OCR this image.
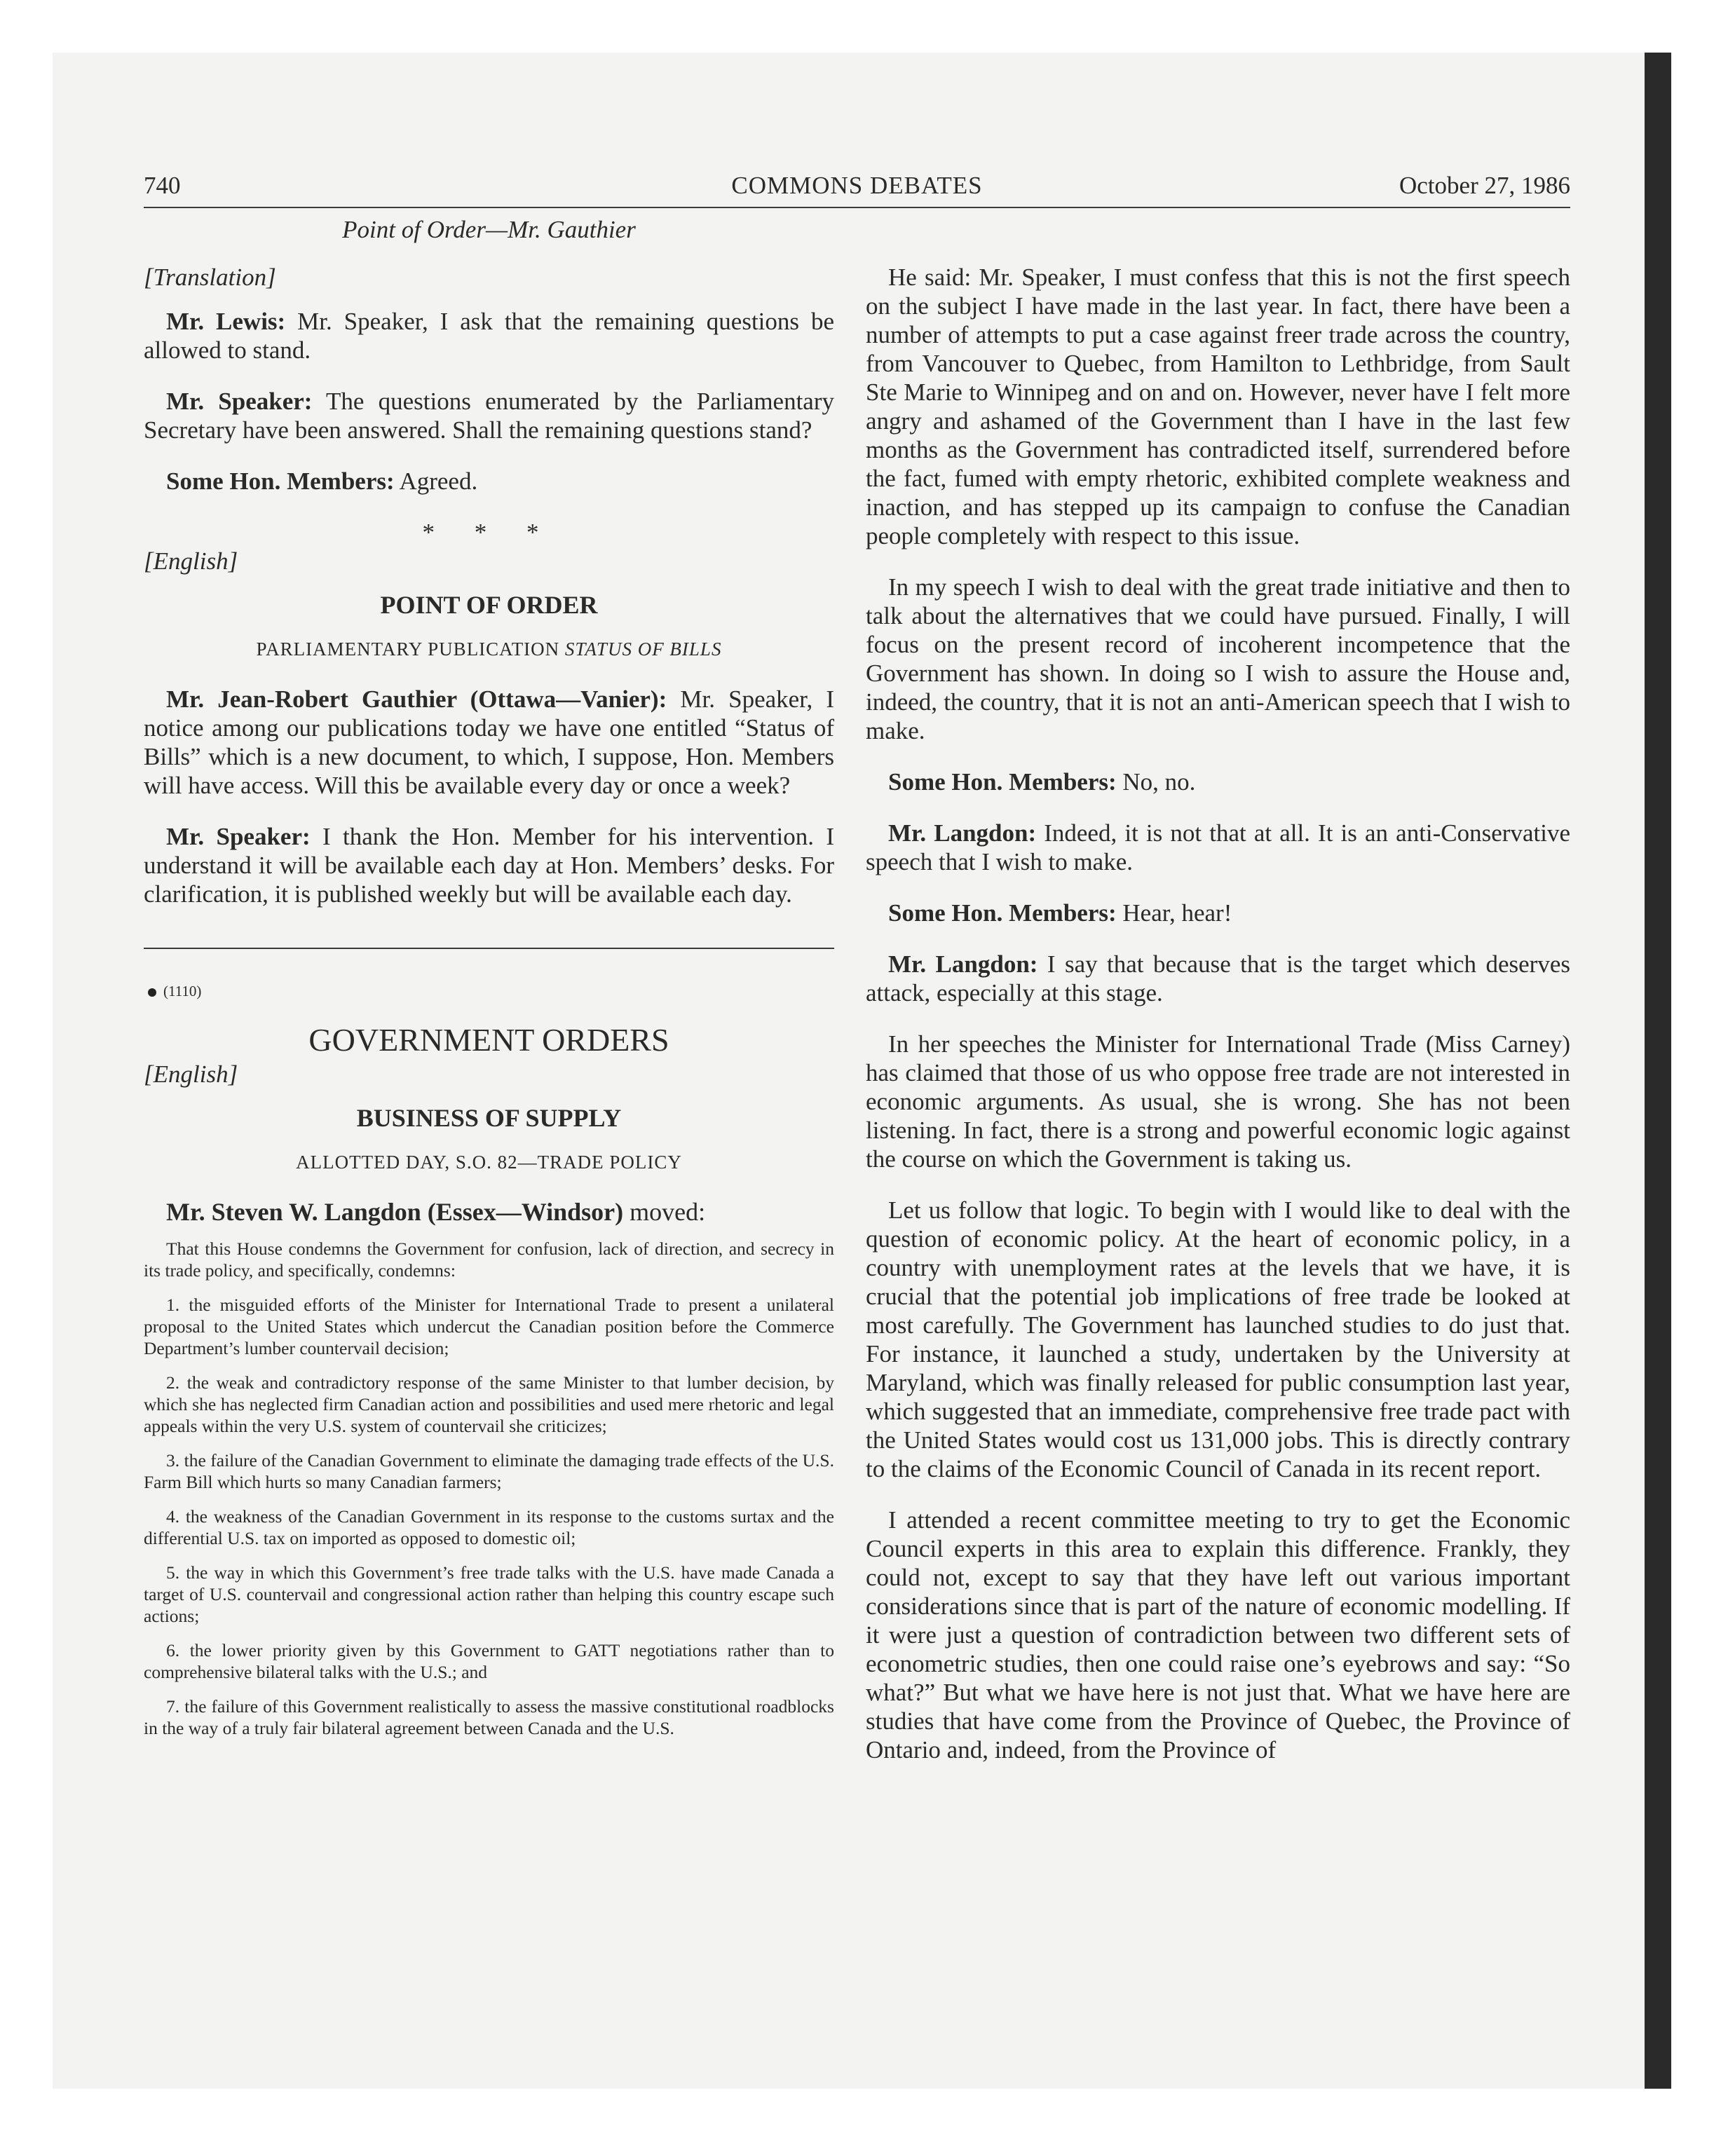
740	COMMONS DEBATES	October 27, 1986
Point of Order—Mr. Gauthier
[Translation]

Mr. Lewis: Mr. Speaker, I ask that the remaining questions be allowed to stand.

Mr. Speaker: The questions enumerated by the Parliamentary Secretary have been answered. Shall the remaining questions stand?

Some Hon. Members: Agreed.

* * *
[English]
POINT OF ORDER
PARLIAMENTARY PUBLICATION STATUS OF BILLS

Mr. Jean-Robert Gauthier (Ottawa—Vanier): Mr. Speaker, I notice among our publications today we have one entitled “Status of Bills” which is a new document, to which, I suppose, Hon. Members will have access. Will this be available every day or once a week?

Mr. Speaker: I thank the Hon. Member for his intervention. I understand it will be available each day at Hon. Members’ desks. For clarification, it is published weekly but will be available each day.

(1110)
GOVERNMENT ORDERS
[English]
BUSINESS OF SUPPLY
ALLOTTED DAY, S.O. 82—TRADE POLICY
Mr. Steven W. Langdon (Essex—Windsor) moved:

That this House condemns the Government for confusion, lack of direction, and secrecy in its trade policy, and specifically, condemns:

1. the misguided efforts of the Minister for International Trade to present a unilateral proposal to the United States which undercut the Canadian position before the Commerce Department’s lumber countervail decision;

2. the weak and contradictory response of the same Minister to that lumber decision, by which she has neglected firm Canadian action and possibilities and used mere rhetoric and legal appeals within the very U.S. system of countervail she criticizes;

3. the failure of the Canadian Government to eliminate the damaging trade effects of the U.S. Farm Bill which hurts so many Canadian farmers;

4. the weakness of the Canadian Government in its response to the customs surtax and the differential U.S. tax on imported as opposed to domestic oil;

5. the way in which this Government’s free trade talks with the U.S. have made Canada a target of U.S. countervail and congressional action rather than helping this country escape such actions;

6. the lower priority given by this Government to GATT negotiations rather than to comprehensive bilateral talks with the U.S.; and

7. the failure of this Government realistically to assess the massive constitutional roadblocks in the way of a truly fair bilateral agreement between Canada and the U.S.

He said: Mr. Speaker, I must confess that this is not the first speech on the subject I have made in the last year. In fact, there have been a number of attempts to put a case against freer trade across the country, from Vancouver to Quebec, from Hamilton to Lethbridge, from Sault Ste Marie to Winnipeg and on and on. However, never have I felt more angry and ashamed of the Government than I have in the last few months as the Government has contradicted itself, surrendered before the fact, fumed with empty rhetoric, exhibited complete weakness and inaction, and has stepped up its campaign to confuse the Canadian people completely with respect to this issue.

In my speech I wish to deal with the great trade initiative and then to talk about the alternatives that we could have pursued. Finally, I will focus on the present record of incoherent incompetence that the Government has shown. In doing so I wish to assure the House and, indeed, the country, that it is not an anti-American speech that I wish to make.

Some Hon. Members: No, no.

Mr. Langdon: Indeed, it is not that at all. It is an anti-Conservative speech that I wish to make.

Some Hon. Members: Hear, hear!

Mr. Langdon: I say that because that is the target which deserves attack, especially at this stage.

In her speeches the Minister for International Trade (Miss Carney) has claimed that those of us who oppose free trade are not interested in economic arguments. As usual, she is wrong. She has not been listening. In fact, there is a strong and powerful economic logic against the course on which the Government is taking us.

Let us follow that logic. To begin with I would like to deal with the question of economic policy. At the heart of economic policy, in a country with unemployment rates at the levels that we have, it is crucial that the potential job implications of free trade be looked at most carefully. The Government has launched studies to do just that. For instance, it launched a study, undertaken by the University at Maryland, which was finally released for public consumption last year, which suggested that an immediate, comprehensive free trade pact with the United States would cost us 131,000 jobs. This is directly contrary to the claims of the Economic Council of Canada in its recent report.

I attended a recent committee meeting to try to get the Economic Council experts in this area to explain this difference. Frankly, they could not, except to say that they have left out various important considerations since that is part of the nature of economic modelling. If it were just a question of contradiction between two different sets of econometric studies, then one could raise one’s eyebrows and say: “So what?” But what we have here is not just that. What we have here are studies that have come from the Province of Quebec, the Province of Ontario and, indeed, from the Province of
